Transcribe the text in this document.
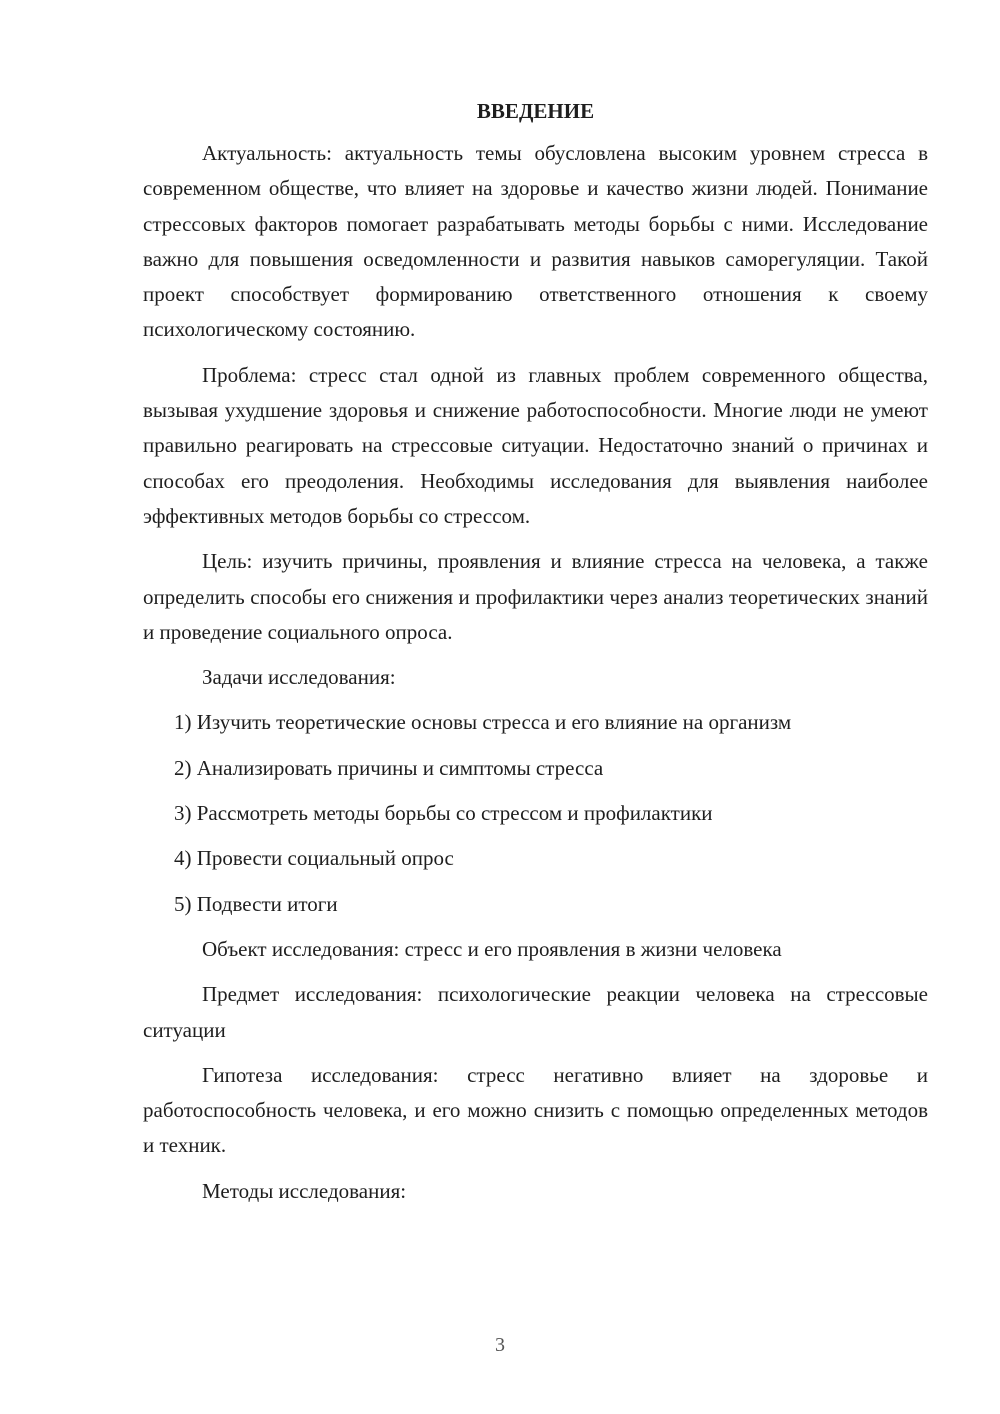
ВВЕДЕНИЕ

Актуальность: актуальность темы обусловлена высоким уровнем стресса в современном обществе, что влияет на здоровье и качество жизни людей. Понимание стрессовых факторов помогает разрабатывать методы борьбы с ними. Исследование важно для повышения осведомленности и развития навыков саморегуляции. Такой проект способствует формированию ответственного отношения к своему психологическому состоянию.

Проблема: стресс стал одной из главных проблем современного общества, вызывая ухудшение здоровья и снижение работоспособности. Многие люди не умеют правильно реагировать на стрессовые ситуации. Недостаточно знаний о причинах и способах его преодоления. Необходимы исследования для выявления наиболее эффективных методов борьбы со стрессом.

Цель: изучить причины, проявления и влияние стресса на человека, а также определить способы его снижения и профилактики через анализ теоретических знаний и проведение социального опроса.

Задачи исследования:

1) Изучить теоретические основы стресса и его влияние на организм
2) Анализировать причины и симптомы стресса
3) Рассмотреть методы борьбы со стрессом и профилактики
4) Провести социальный опрос
5) Подвести итоги

Объект исследования: стресс и его проявления в жизни человека

Предмет исследования: психологические реакции человека на стрессовые ситуации

Гипотеза исследования: стресс негативно влияет на здоровье и работоспособность человека, и его можно снизить с помощью определенных методов и техник.

Методы исследования:

3
